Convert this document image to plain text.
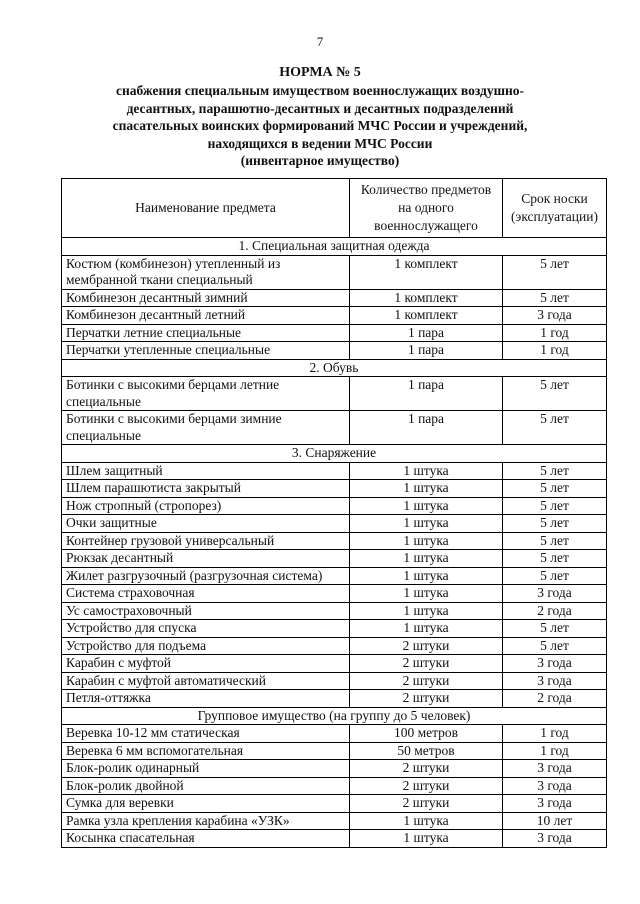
7
НОРМА № 5
снабжения специальным имуществом военнослужащих воздушно-
десантных, парашютно-десантных и десантных подразделений
спасательных воинских формирований МЧС России и учреждений,
находящихся в ведении МЧС России
(инвентарное имущество)
Наименование предмета	Количество предметов на одного военнослужащего	Срок носки (эксплуатации)
1. Специальная защитная одежда		
Костюм (комбинезон) утепленный из мембранной ткани специальный	1 комплект	5 лет
Комбинезон десантный зимний	1 комплект	5 лет
Комбинезон десантный летний	1 комплект	3 года
Перчатки летние специальные	1 пара	1 год
Перчатки утепленные специальные	1 пара	1 год
2. Обувь		
Ботинки с высокими берцами летние специальные	1 пара	5 лет
Ботинки с высокими берцами зимние специальные	1 пара	5 лет
3. Снаряжение		
Шлем защитный	1 штука	5 лет
Шлем парашютиста закрытый	1 штука	5 лет
Нож стропный (стропорез)	1 штука	5 лет
Очки защитные	1 штука	5 лет
Контейнер грузовой универсальный	1 штука	5 лет
Рюкзак десантный	1 штука	5 лет
Жилет разгрузочный (разгрузочная система)	1 штука	5 лет
Система страховочная	1 штука	3 года
Ус самостраховочный	1 штука	2 года
Устройство для спуска	1 штука	5 лет
Устройство для подъема	2 штуки	5 лет
Карабин с муфтой	2 штуки	3 года
Карабин с муфтой автоматический	2 штуки	3 года
Петля-оттяжка	2 штуки	2 года
Групповое имущество (на группу до 5 человек)		
Веревка 10-12 мм статическая	100 метров	1 год
Веревка 6 мм вспомогательная	50 метров	1 год
Блок-ролик одинарный	2 штуки	3 года
Блок-ролик двойной	2 штуки	3 года
Сумка для веревки	2 штуки	3 года
Рамка узла крепления карабина «УЗК»	1 штука	10 лет
Косынка спасательная	1 штука	3 года
